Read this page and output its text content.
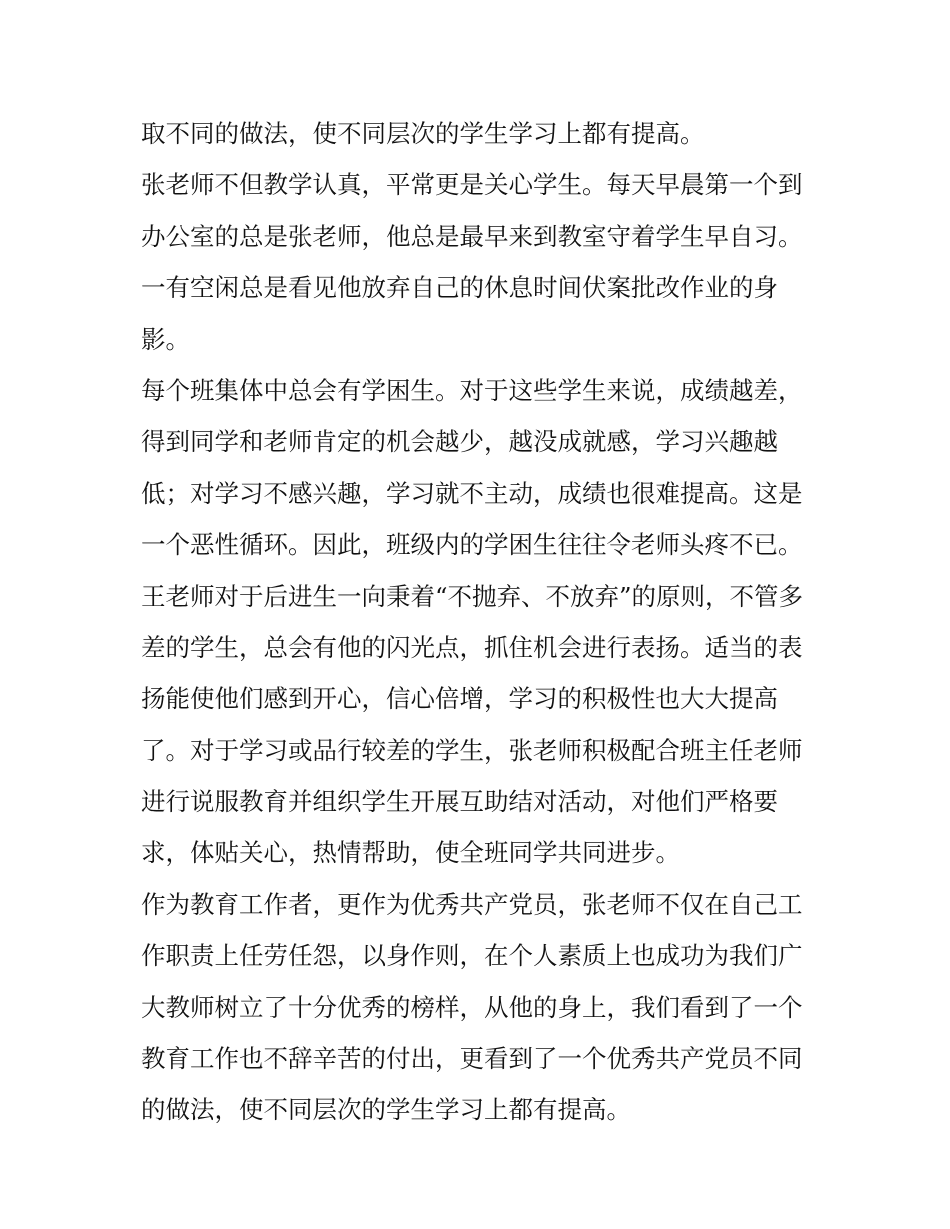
取不同的做法，使不同层次的学生学习上都有提高。
张老师不但教学认真，平常更是关心学生。每天早晨第一个到
办公室的总是张老师，他总是最早来到教室守着学生早自习。
一有空闲总是看见他放弃自己的休息时间伏案批改作业的身
影。
每个班集体中总会有学困生。对于这些学生来说，成绩越差，
得到同学和老师肯定的机会越少，越没成就感，学习兴趣越
低；对学习不感兴趣，学习就不主动，成绩也很难提高。这是
一个恶性循环。因此，班级内的学困生往往令老师头疼不已。
王老师对于后进生一向秉着“不抛弃、不放弃”的原则，不管多
差的学生，总会有他的闪光点，抓住机会进行表扬。适当的表
扬能使他们感到开心，信心倍增，学习的积极性也大大提高
了。对于学习或品行较差的学生，张老师积极配合班主任老师
进行说服教育并组织学生开展互助结对活动，对他们严格要
求，体贴关心，热情帮助，使全班同学共同进步。
作为教育工作者，更作为优秀共产党员，张老师不仅在自己工
作职责上任劳任怨，以身作则，在个人素质上也成功为我们广
大教师树立了十分优秀的榜样，从他的身上，我们看到了一个
教育工作也不辞辛苦的付出，更看到了一个优秀共产党员不同
的做法，使不同层次的学生学习上都有提高。
